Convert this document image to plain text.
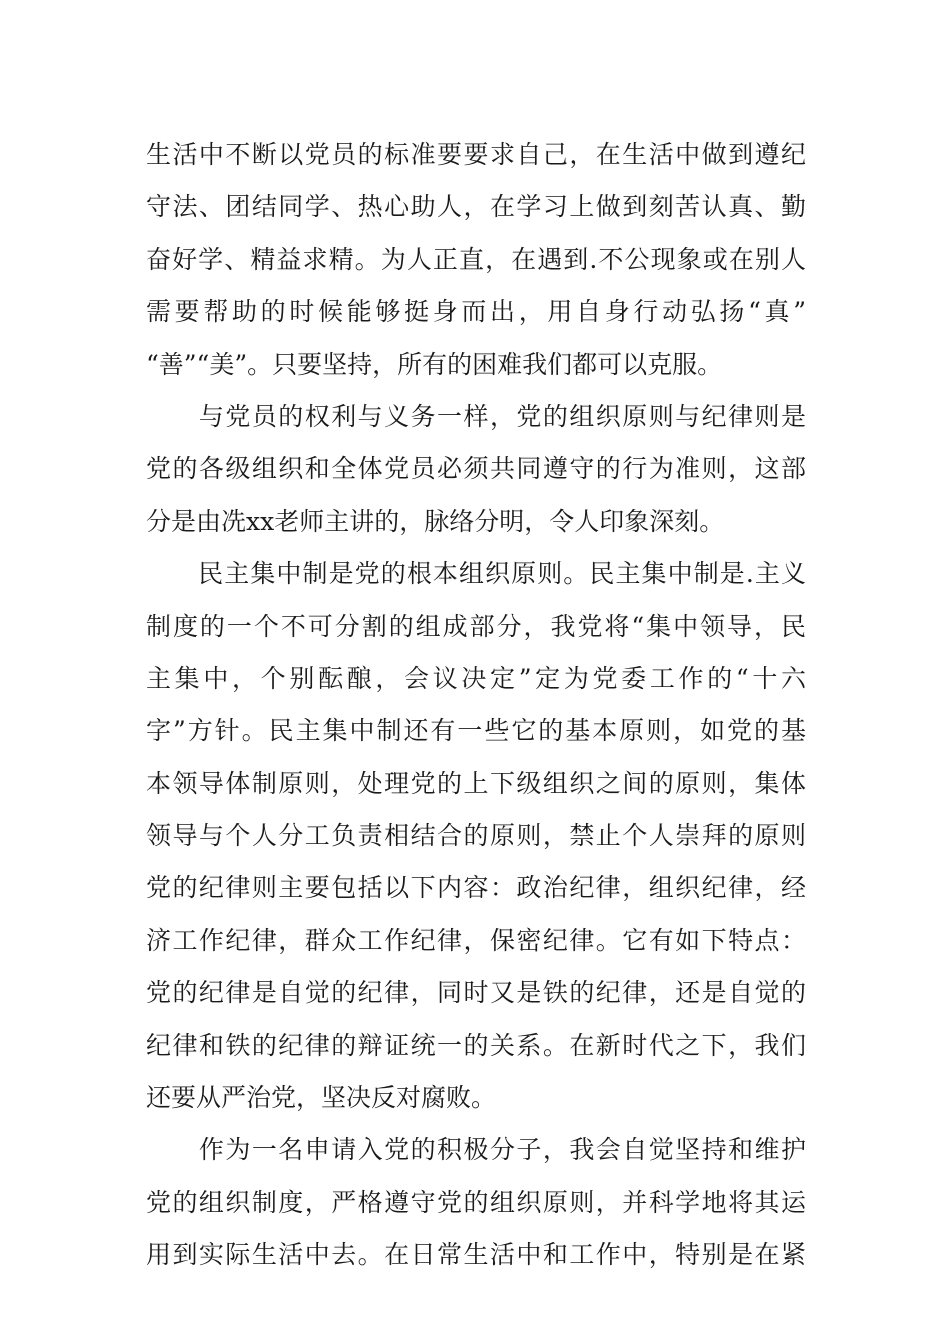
生活中不断以党员的标准要要求自己，在生活中做到遵纪
守法、团结同学、热心助人，在学习上做到刻苦认真、勤
奋好学、精益求精。为人正直，在遇到.不公现象或在别人
需要帮助的时候能够挺身而出，用自身行动弘扬“真”
“善”“美”。只要坚持，所有的困难我们都可以克服。
　　与党员的权利与义务一样，党的组织原则与纪律则是
党的各级组织和全体党员必须共同遵守的行为准则，这部
分是由冼xx老师主讲的，脉络分明，令人印象深刻。
　　民主集中制是党的根本组织原则。民主集中制是.主义
制度的一个不可分割的组成部分，我党将“集中领导，民
主集中，个别酝酿，会议决定”定为党委工作的“十六
字”方针。民主集中制还有一些它的基本原则，如党的基
本领导体制原则，处理党的上下级组织之间的原则，集体
领导与个人分工负责相结合的原则，禁止个人崇拜的原则
党的纪律则主要包括以下内容：政治纪律，组织纪律，经
济工作纪律，群众工作纪律，保密纪律。它有如下特点：
党的纪律是自觉的纪律，同时又是铁的纪律，还是自觉的
纪律和铁的纪律的辩证统一的关系。在新时代之下，我们
还要从严治党，坚决反对腐败。
　　作为一名申请入党的积极分子，我会自觉坚持和维护
党的组织制度，严格遵守党的组织原则，并科学地将其运
用到实际生活中去。在日常生活中和工作中，特别是在紧
